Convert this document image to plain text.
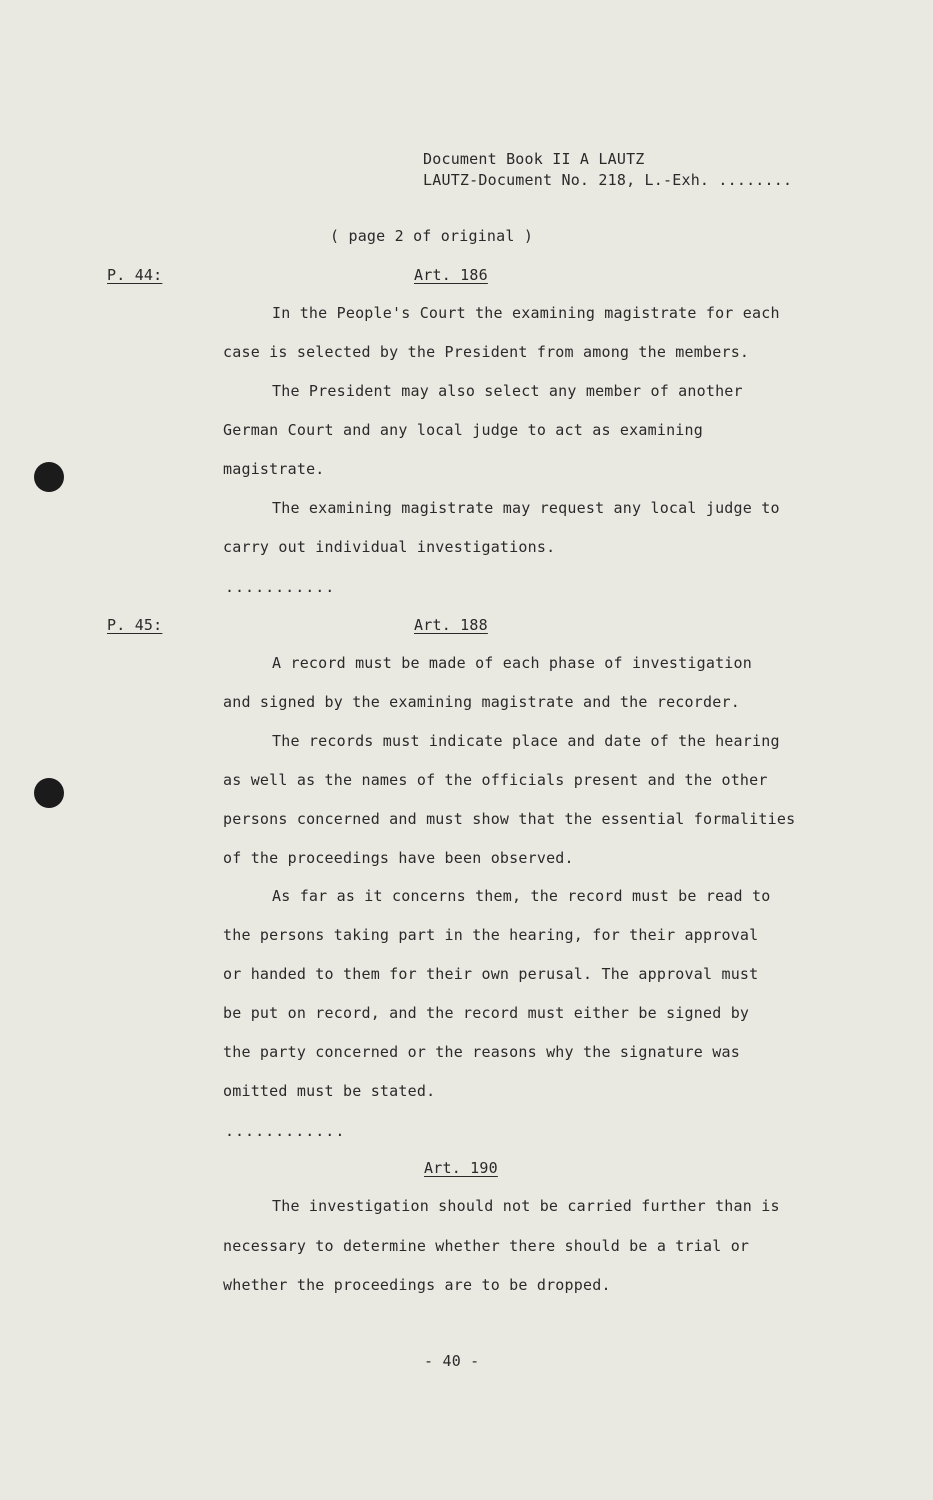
Document Book II A LAUTZ
LAUTZ-Document No. 218, L.-Exh. ........
( page 2 of original )
P. 44:	Art. 186
In the People's Court the examining magistrate for each
case is selected by the President from among the members.
The President may also select any member of another
German Court and any local judge to act as examining
magistrate.
The examining magistrate may request any local judge to
carry out individual investigations.
...........
P. 45:	Art. 188
A record must be made of each phase of investigation
and signed by the examining magistrate and the recorder.
The records must indicate place and date of the hearing
as well as the names of the officials present and the other
persons concerned and must show that the essential formalities
of the proceedings have been observed.
As far as it concerns them, the record must be read to
the persons taking part in the hearing, for their approval
or handed to them for their own perusal. The approval must
be put on record, and the record must either be signed by
the party concerned or the reasons why the signature was
omitted must be stated.
............
Art. 190
The investigation should not be carried further than is
necessary to determine whether there should be a trial or
whether the proceedings are to be dropped.
- 40 -
